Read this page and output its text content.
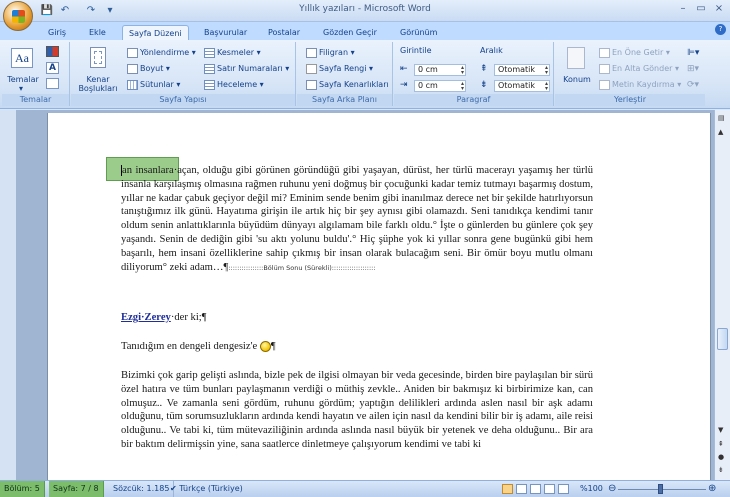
💾 ↶ ↷	▾	Yıllık yazıları - Microsoft Word	–	▭ ×
Giriş	Ekle	Sayfa Düzeni	Başvurular	Postalar	Gözden Geçir	Görünüm	?
Aa
Temalar
▾
A
Temalar
Kenar
Boşlukları
Yönlendirme ▾
Boyut ▾
Sütunlar ▾
Kesmeler ▾
Satır Numaraları ▾
Heceleme ▾
Sayfa Yapısı
Filigran ▾
Sayfa Rengi ▾
Sayfa Kenarlıkları
Sayfa Arka Planı
Girintile
⇤	0 cm	▴
▾
⇥	0 cm	▴
▾
Aralık
⇞	Otomatik ▴
▾
⇟	Otomatik ▴
▾
Paragraf
Konum
En Öne Getir ▾
En Alta Gönder ▾
Metin Kaydırma ▾
⊫▾
⊞▾
⟳▾
Yerleştir
an insanlara·açan, olduğu gibi görünen göründüğü gibi yaşayan, dürüst, her türlü macerayı yaşamış her türlü insanla karşılaşmış olmasına rağmen ruhunu yeni doğmuş bir çocuğunki kadar temiz tutmayı başarmış dostum, yıllar ne kadar çabuk geçiyor değil mi? Eminim sende benim gibi inanılmaz derece net bir şekilde hatırlıyorsun tanıştığımız ilk günü. Hayatıma girişin ile artık hiç bir şey aynısı gibi olamazdı. Seni tanıdıkça kendimi tanır oldum senin anlattıklarınla büyüdüm dünyayı algılamam bile farklı oldu.° İşte o günlerden bu günlere çok şey yaşandı. Senin de dediğin gibi 'su aktı yolunu buldu'.° Hiç şüphe yok ki yıllar sonra gene bugünkü gibi hem başarılı, hem insani özelliklerine sahip çıkmış bir insan olarak bulacağım seni. Bir ömür boyu mutlu olmanı diliyorum° zeki adam…¶::::::::::::::::Bölüm Sonu (Sürekli)::::::::::::::::::::
Ezgi·Zerey·der ki;¶
Tanıdığım en dengeli dengesiz'e ¶
Bizimki çok garip gelişti aslında, bizle pek de ilgisi olmayan bir veda gecesinde, birden bire paylaşılan bir sürü özel hatıra ve tüm bunları paylaşmanın verdiği o müthiş zevkle.. Aniden bir bakmışız ki birbirimize kan, can olmuşuz.. Ve zamanla seni gördüm, ruhunu gördüm; yaptığın delilikleri ardında aslen nasıl bir aşk adamı olduğunu, tüm sorumsuzlukların ardında kendi hayatın ve ailen için nasıl da kendini bilir bir iş adamı, aile reisi olduğunu.. Ve tabi ki, tüm mütevaziliğinin ardında aslında nasıl büyük bir yetenek ve deha olduğunu.. Bir ara bir baktım delirmişsin yine, sana saatlerce dinletmeye çalışıyorum kendimi ve tabi ki
▤
▲
▼
⇞
●
⇟
Bölüm: 5	Sayfa: 7 / 8	Sözcük: 1.185 ✔ Türkçe (Türkiye)	%100 ⊖	⊕
